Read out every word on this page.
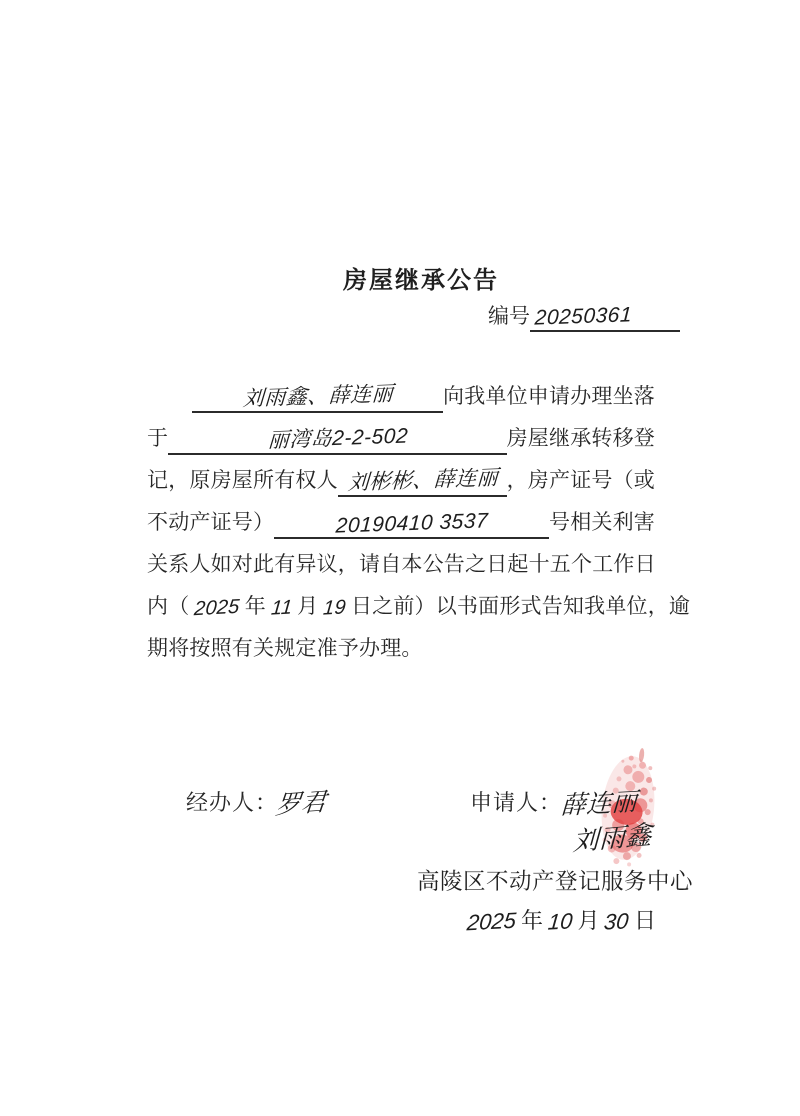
房屋继承公告
编号 20250361
刘雨鑫、薛连丽	向我单位申请办理坐落
于	丽湾岛2-2-502	房屋继承转移登
记，原房屋所有权人 刘彬彬、薛连丽 ，房产证号（或
不动产证号）	20190410 3537	号相关利害
关系人如对此有异议，请自本公告之日起十五个工作日
内（ 2025 年 11 月 19 日之前）以书面形式告知我单位，逾
期将按照有关规定准予办理。
经办人：
罗君	申请人：
薛连丽
刘雨鑫
高陵区不动产登记服务中心
2025 年 10 月 30 日
